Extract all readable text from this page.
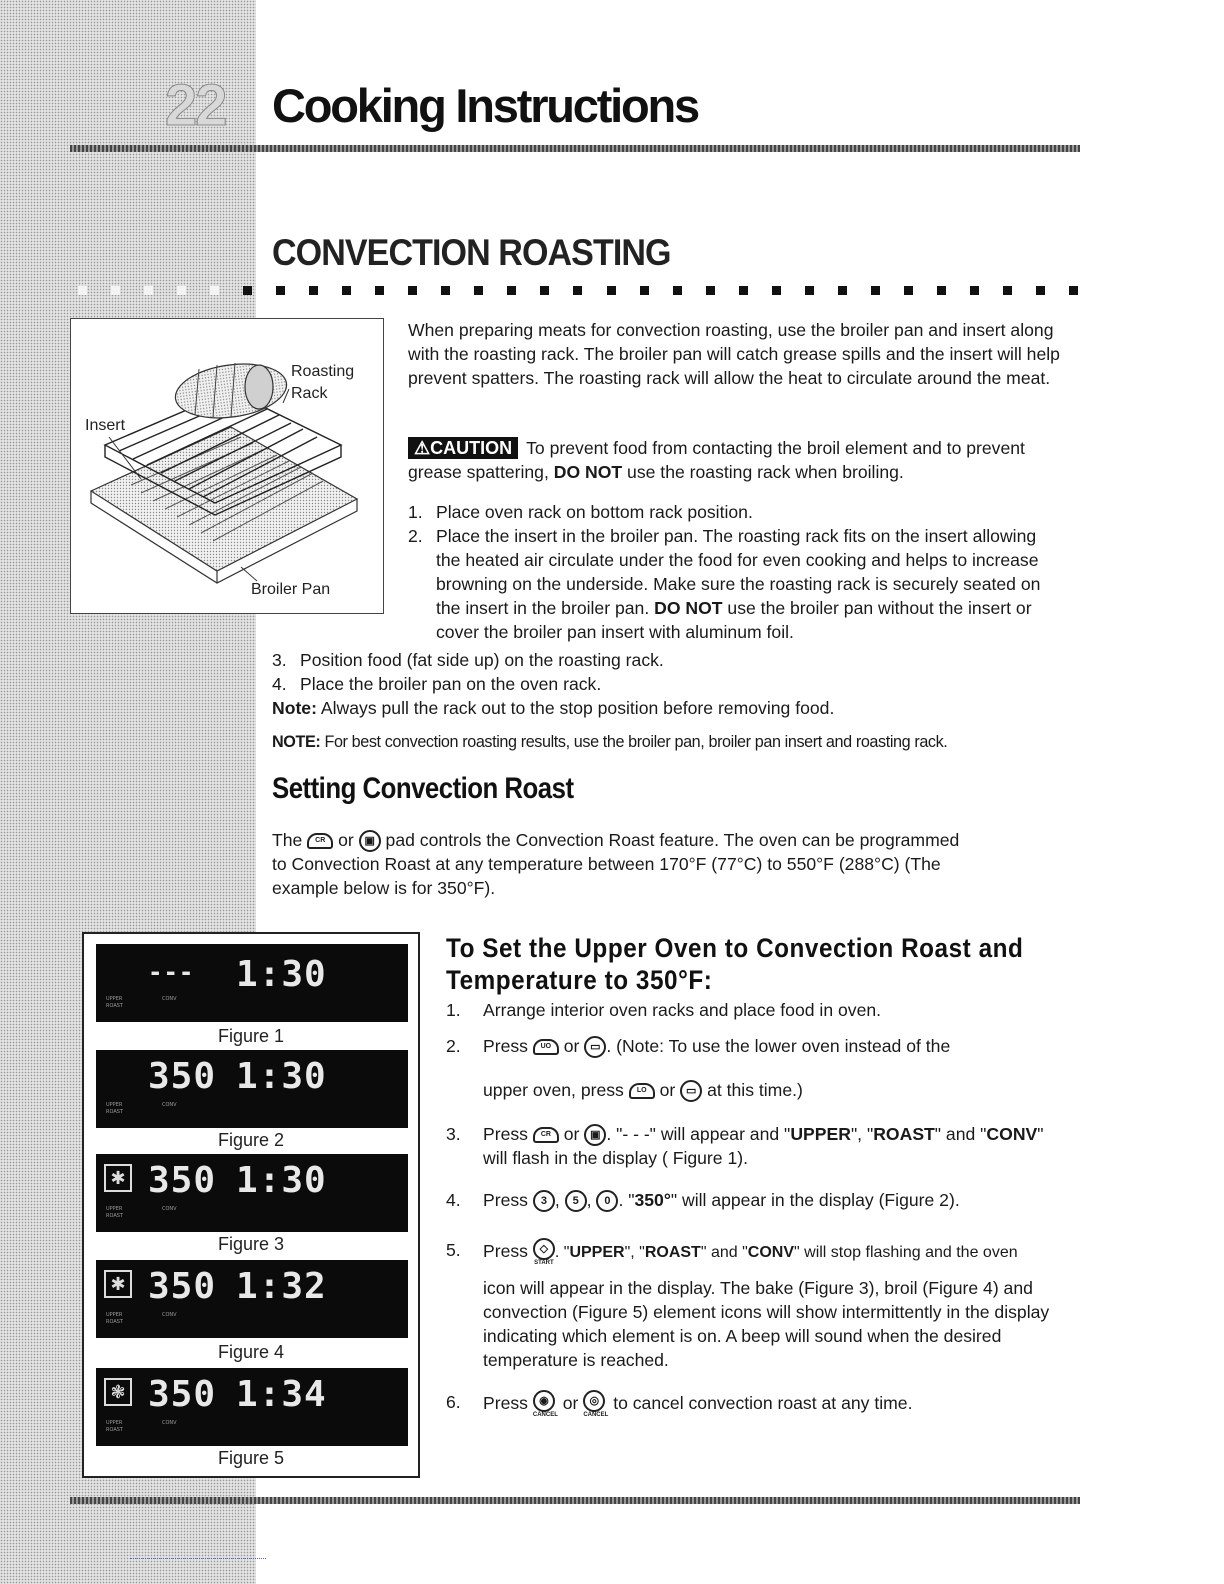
22 Cooking Instructions
CONVECTION ROASTING
Roasting
Rack
Insert
Broiler Pan
When preparing meats for convection roasting, use the broiler pan and insert along with the roasting rack. The broiler pan will catch grease spills and the insert will help prevent spatters. The roasting rack will allow the heat to circulate around the meat.
⚠CAUTION To prevent food from contacting the broil element and to prevent grease spattering, DO NOT use the roasting rack when broiling.
1. Place oven rack on bottom rack position.
2. Place the insert in the broiler pan. The roasting rack fits on the insert allowing the heated air circulate under the food for even cooking and helps to increase browning on the underside. Make sure the roasting rack is securely seated on the insert in the broiler pan. DO NOT use the broiler pan without the insert or cover the broiler pan insert with aluminum foil.
3. Position food (fat side up) on the roasting rack.
4. Place the broiler pan on the oven rack.
Note: Always pull the rack out to the stop position before removing food.
NOTE: For best convection roasting results, use the broiler pan, broiler pan insert and roasting rack.
Setting Convection Roast
The CR or ▣ pad controls the Convection Roast feature. The oven can be programmed
to Convection Roast at any temperature between 170°F (77°C) to 550°F (288°C) (The
example below is for 350°F).
--- 1:30
UPPER
ROAST
CONV
Figure 1
350 1:30
UPPER
ROAST
CONV
Figure 2
✱ 350 1:30
UPPER
ROAST
CONV
Figure 3
✱ 350 1:32
UPPER
ROAST
CONV
Figure 4
❃ 350 1:34
UPPER
ROAST
CONV
Figure 5
To Set the Upper Oven to Convection Roast and Temperature to 350°F:
1. Arrange interior oven racks and place food in oven.
2. Press UO or ▭ . (Note: To use the lower oven instead of the
upper oven, press LO or ▭ at this time.)
3. Press CR or ▣ . "- - -" will appear and "UPPER", "ROAST" and "CONV"
will flash in the display ( Figure 1).
4. Press 3 , 5 , 0 . "350°" will appear in the display (Figure 2).
5. Press	◇
START
. "UPPER", "ROAST" and "CONV" will stop flashing and the oven
icon will appear in the display. The bake (Figure 3), broil (Figure 4) and convection (Figure 5) element icons will show intermittently in the display indicating which element is on. A beep will sound when the desired temperature is reached.
6. Press	◉
CANCEL
or	◎
CANCEL
to cancel convection roast at any time.
